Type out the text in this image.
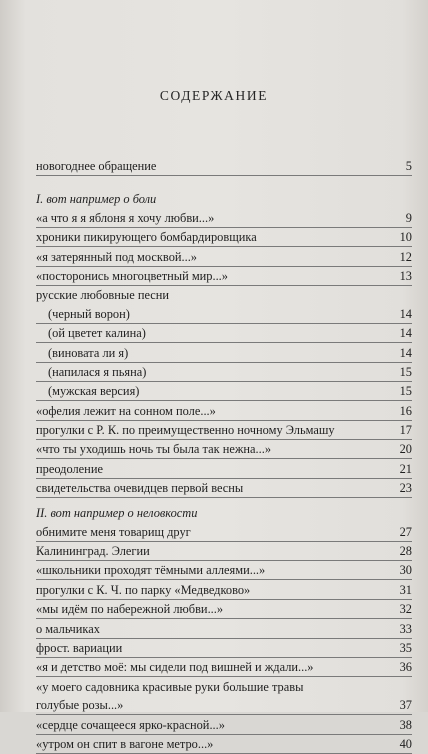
СОДЕРЖАНИЕ
новогоднее обращение	5
I. вот например о боли
«а что я я яблоня я хочу любви...»	9
хроники пикирующего бомбардировщика	10
«я затерянный под москвой...»	12
«посторонись многоцветный мир...»	13
русские любовные песни
(черный ворон)	14
(ой цветет калина)	14
(виновата ли я)	14
(напилася я пьяна)	15
(мужская версия)	15
«офелия лежит на сонном поле...»	16
прогулки с Р. К. по преимущественно ночному Эльмашу	17
«что ты уходишь ночь ты была так нежна...»	20
преодоление	21
свидетельства очевидцев первой весны	23
II. вот например о неловкости
обнимите меня товарищ друг	27
Калининград. Элегии	28
«школьники проходят тёмными аллеями...»	30
прогулки с К. Ч. по парку «Медведково»	31
«мы идём по набережной любви...»	32
о мальчиках	33
фрост. вариации	35
«я и детство моё: мы сидели под вишней и ждали...»	36
«у моего садовника красивые руки большие травы
голубые розы...»	37
«сердце сочащееся ярко-красной...»	38
«утром он спит в вагоне метро...»	40
